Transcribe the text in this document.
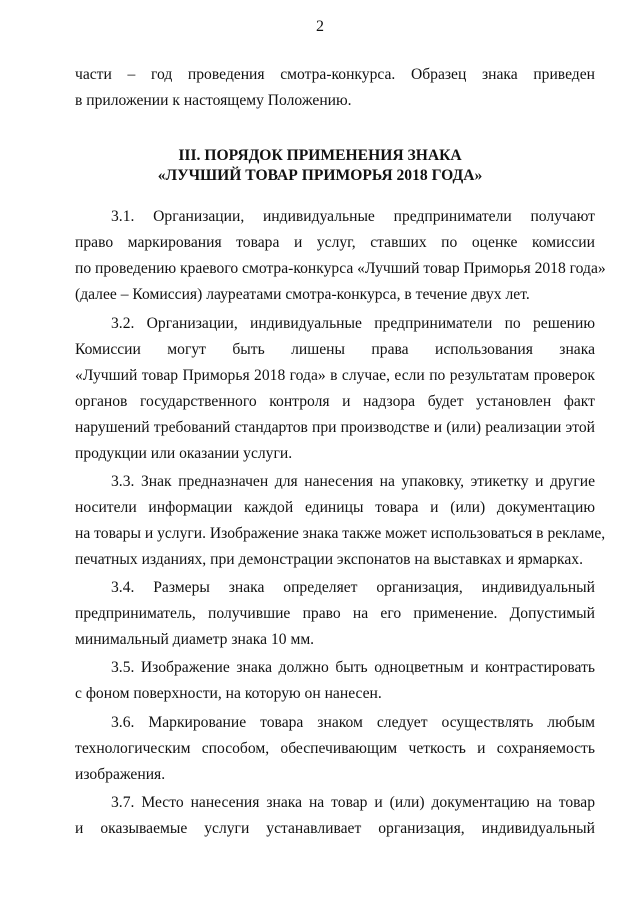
2
части – год проведения смотра-конкурса. Образец знака приведен
в приложении к настоящему Положению.
III. ПОРЯДОК ПРИМЕНЕНИЯ ЗНАКА
«ЛУЧШИЙ ТОВАР ПРИМОРЬЯ 2018 ГОДА»
3.1. Организации, индивидуальные предприниматели получают
право маркирования товара и услуг, ставших по оценке комиссии
по проведению краевого смотра-конкурса «Лучший товар Приморья 2018 года»
(далее – Комиссия) лауреатами смотра-конкурса, в течение двух лет.
3.2. Организации, индивидуальные предприниматели по решению
Комиссии могут быть лишены права использования знака
«Лучший товар Приморья 2018 года» в случае, если по результатам проверок
органов государственного контроля и надзора будет установлен факт
нарушений требований стандартов при производстве и (или) реализации этой
продукции или оказании услуги.
3.3. Знак предназначен для нанесения на упаковку, этикетку и другие
носители информации каждой единицы товара и (или) документацию
на товары и услуги. Изображение знака также может использоваться в рекламе,
печатных изданиях, при демонстрации экспонатов на выставках и ярмарках.
3.4. Размеры знака определяет организация, индивидуальный
предприниматель, получившие право на его применение. Допустимый
минимальный диаметр знака 10 мм.
3.5. Изображение знака должно быть одноцветным и контрастировать
с фоном поверхности, на которую он нанесен.
3.6. Маркирование товара знаком следует осуществлять любым
технологическим способом, обеспечивающим четкость и сохраняемость
изображения.
3.7. Место нанесения знака на товар и (или) документацию на товар
и оказываемые услуги устанавливает организация, индивидуальный
